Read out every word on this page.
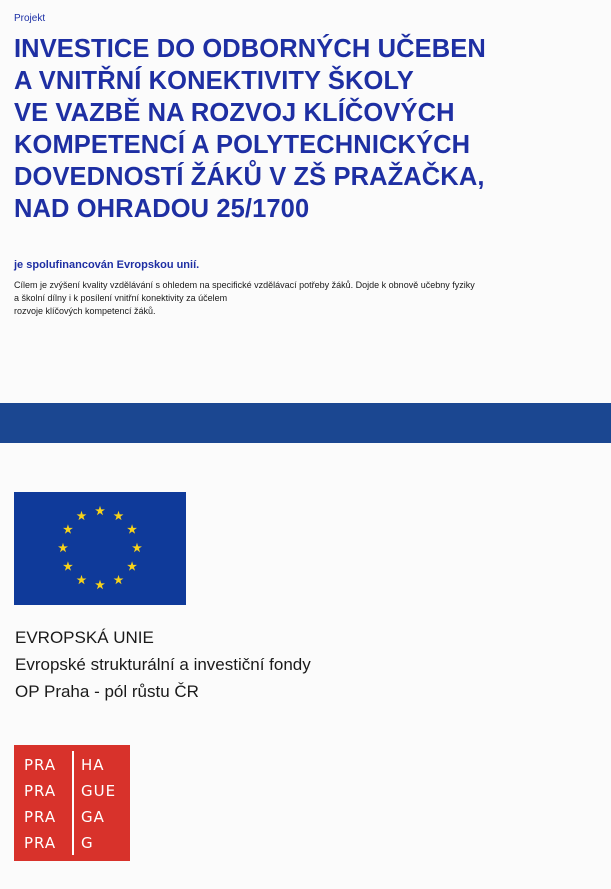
Projekt
INVESTICE DO ODBORNÝCH UČEBEN
A VNITŘNÍ KONEKTIVITY ŠKOLY
VE VAZBĚ NA ROZVOJ KLÍČOVÝCH
KOMPETENCÍ A POLYTECHNICKÝCH
DOVEDNOSTÍ ŽÁKŮ V ZŠ PRAŽAČKA,
NAD OHRADOU 25/1700
je spolufinancován Evropskou unií.
Cílem je zvýšení kvality vzdělávání s ohledem na specifické vzdělávací potřeby žáků. Dojde k obnově učebny fyziky
a školní dílny i k posílení vnitřní konektivity za účelem
rozvoje klíčových kompetencí žáků.
EVROPSKÁ UNIE
Evropské strukturální a investiční fondy
OP Praha - pól růstu ČR
PRA HA
PRA GUE
PRA GA
PRA G
